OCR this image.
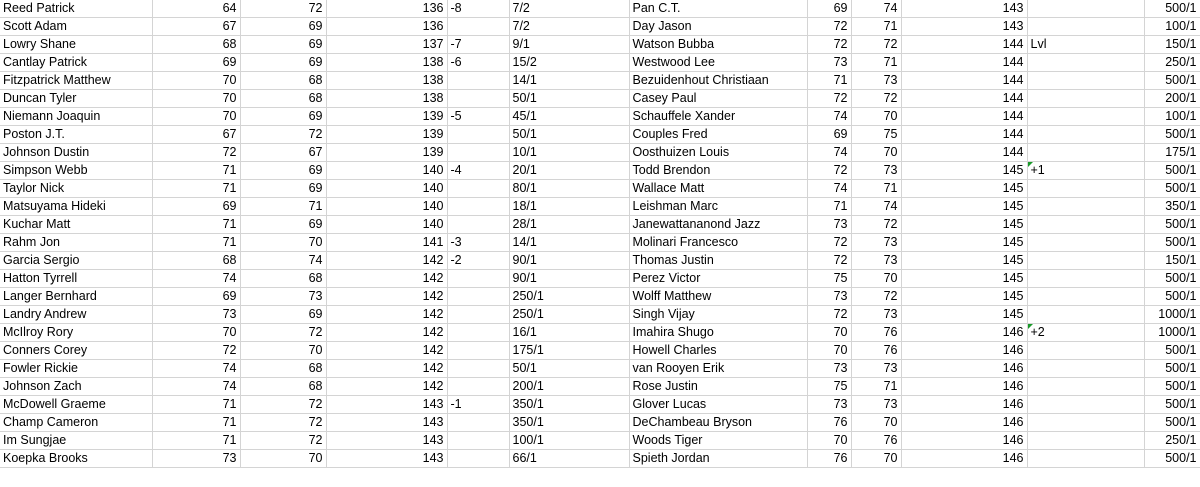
Reed Patrick	64	72	136	-8	7/2	Pan C.T.	69	74	143		500/1
Scott Adam	67	69	136		7/2	Day Jason	72	71	143		100/1
Lowry Shane	68	69	137	-7	9/1	Watson Bubba	72	72	144	Lvl	150/1
Cantlay Patrick	69	69	138	-6	15/2	Westwood Lee	73	71	144		250/1
Fitzpatrick Matthew	70	68	138		14/1	Bezuidenhout Christiaan	71	73	144		500/1
Duncan Tyler	70	68	138		50/1	Casey Paul	72	72	144		200/1
Niemann Joaquin	70	69	139	-5	45/1	Schauffele Xander	74	70	144		100/1
Poston J.T.	67	72	139		50/1	Couples Fred	69	75	144		500/1
Johnson Dustin	72	67	139		10/1	Oosthuizen Louis	74	70	144		175/1
Simpson Webb	71	69	140	-4	20/1	Todd Brendon	72	73	145	+1	500/1
Taylor Nick	71	69	140		80/1	Wallace Matt	74	71	145		500/1
Matsuyama Hideki	69	71	140		18/1	Leishman Marc	71	74	145		350/1
Kuchar Matt	71	69	140		28/1	Janewattananond Jazz	73	72	145		500/1
Rahm Jon	71	70	141	-3	14/1	Molinari Francesco	72	73	145		500/1
Garcia Sergio	68	74	142	-2	90/1	Thomas Justin	72	73	145		150/1
Hatton Tyrrell	74	68	142		90/1	Perez Victor	75	70	145		500/1
Langer Bernhard	69	73	142		250/1	Wolff Matthew	73	72	145		500/1
Landry Andrew	73	69	142		250/1	Singh Vijay	72	73	145		1000/1
McIlroy Rory	70	72	142		16/1	Imahira Shugo	70	76	146	+2	1000/1
Conners Corey	72	70	142		175/1	Howell Charles	70	76	146		500/1
Fowler Rickie	74	68	142		50/1	van Rooyen Erik	73	73	146		500/1
Johnson Zach	74	68	142		200/1	Rose Justin	75	71	146		500/1
McDowell Graeme	71	72	143	-1	350/1	Glover Lucas	73	73	146		500/1
Champ Cameron	71	72	143		350/1	DeChambeau Bryson	76	70	146		500/1
Im Sungjae	71	72	143		100/1	Woods Tiger	70	76	146		250/1
Koepka Brooks	73	70	143		66/1	Spieth Jordan	76	70	146		500/1
